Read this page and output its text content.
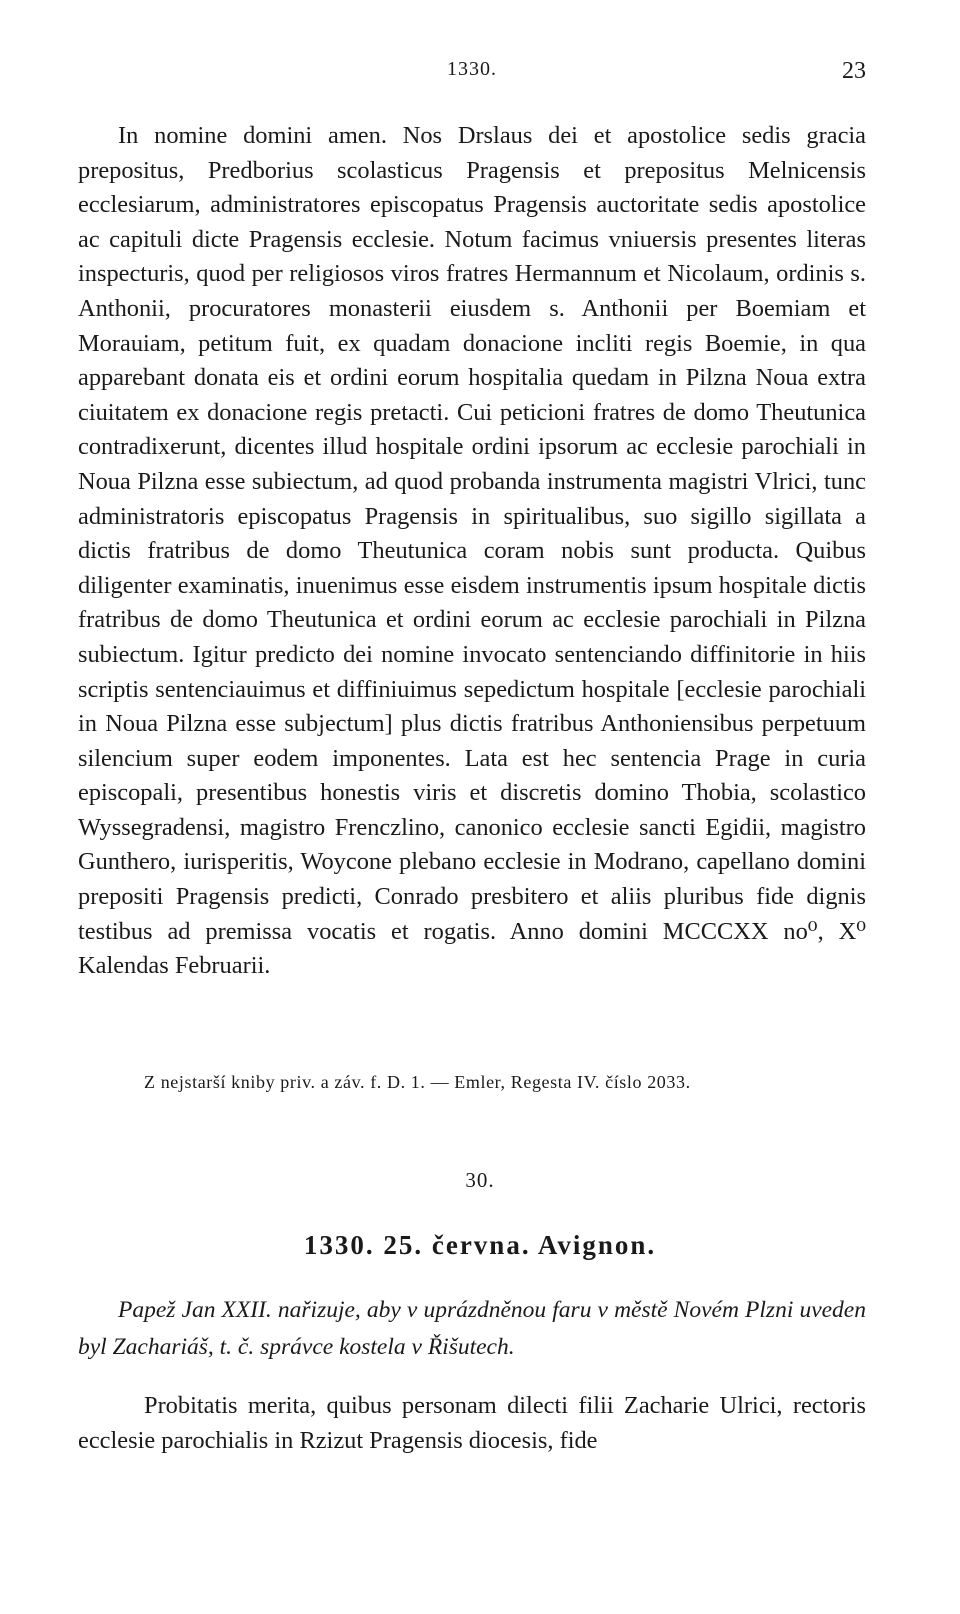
1330.	23
In nomine domini amen. Nos Drslaus dei et apostolice sedis gracia prepositus, Predborius scolasticus Pragensis et prepositus Melnicensis ecclesiarum, administratores episcopatus Pragensis auctoritate sedis apostolice ac capituli dicte Pragensis ecclesie. Notum facimus vniuersis presentes literas inspecturis, quod per religiosos viros fratres Hermannum et Nicolaum, ordinis s. Anthonii, procuratores monasterii eiusdem s. Anthonii per Boemiam et Morauiam, petitum fuit, ex quadam donacione incliti regis Boemie, in qua apparebant donata eis et ordini eorum hospitalia quedam in Pilzna Noua extra ciuitatem ex donacione regis pretacti. Cui peticioni fratres de domo Theutunica contradixerunt, dicentes illud hospitale ordini ipsorum ac ecclesie parochiali in Noua Pilzna esse subiectum, ad quod probanda instrumenta magistri Vlrici, tunc administratoris episcopatus Pragensis in spiritualibus, suo sigillo sigillata a dictis fratribus de domo Theutunica coram nobis sunt producta. Quibus diligenter examinatis, inuenimus esse eisdem instrumentis ipsum hospitale dictis fratribus de domo Theutunica et ordini eorum ac ecclesie parochiali in Pilzna subiectum. Igitur predicto dei nomine invocato sentenciando diffinitorie in hiis scriptis sentenciauimus et diffiniuimus sepedictum hospitale [ecclesie parochiali in Noua Pilzna esse subjectum] plus dictis fratribus Anthoniensibus perpetuum silencium super eodem imponentes. Lata est hec sentencia Prage in curia episcopali, presentibus honestis viris et discretis domino Thobia, scolastico Wyssegradensi, magistro Frenczlino, canonico ecclesie sancti Egidii, magistro Gunthero, iurisperitis, Woycone plebano ecclesie in Modrano, capellano domini prepositi Pragensis predicti, Conrado presbitero et aliis pluribus fide dignis testibus ad premissa vocatis et rogatis. Anno domini MCCCXX no⁰, X⁰ Kalendas Februarii.
Z nejstarší kniby priv. a záv. f. D. 1. — Emler, Regesta IV. číslo 2033.
30.
1330. 25. června. Avignon.
Papež Jan XXII. nařizuje, aby v uprázdněnou faru v městě Novém Plzni uveden byl Zachariáš, t. č. správce kostela v Řišutech.
Probitatis merita, quibus personam dilecti filii Zacharie Ulrici, rectoris ecclesie parochialis in Rzizut Pragensis diocesis, fide
